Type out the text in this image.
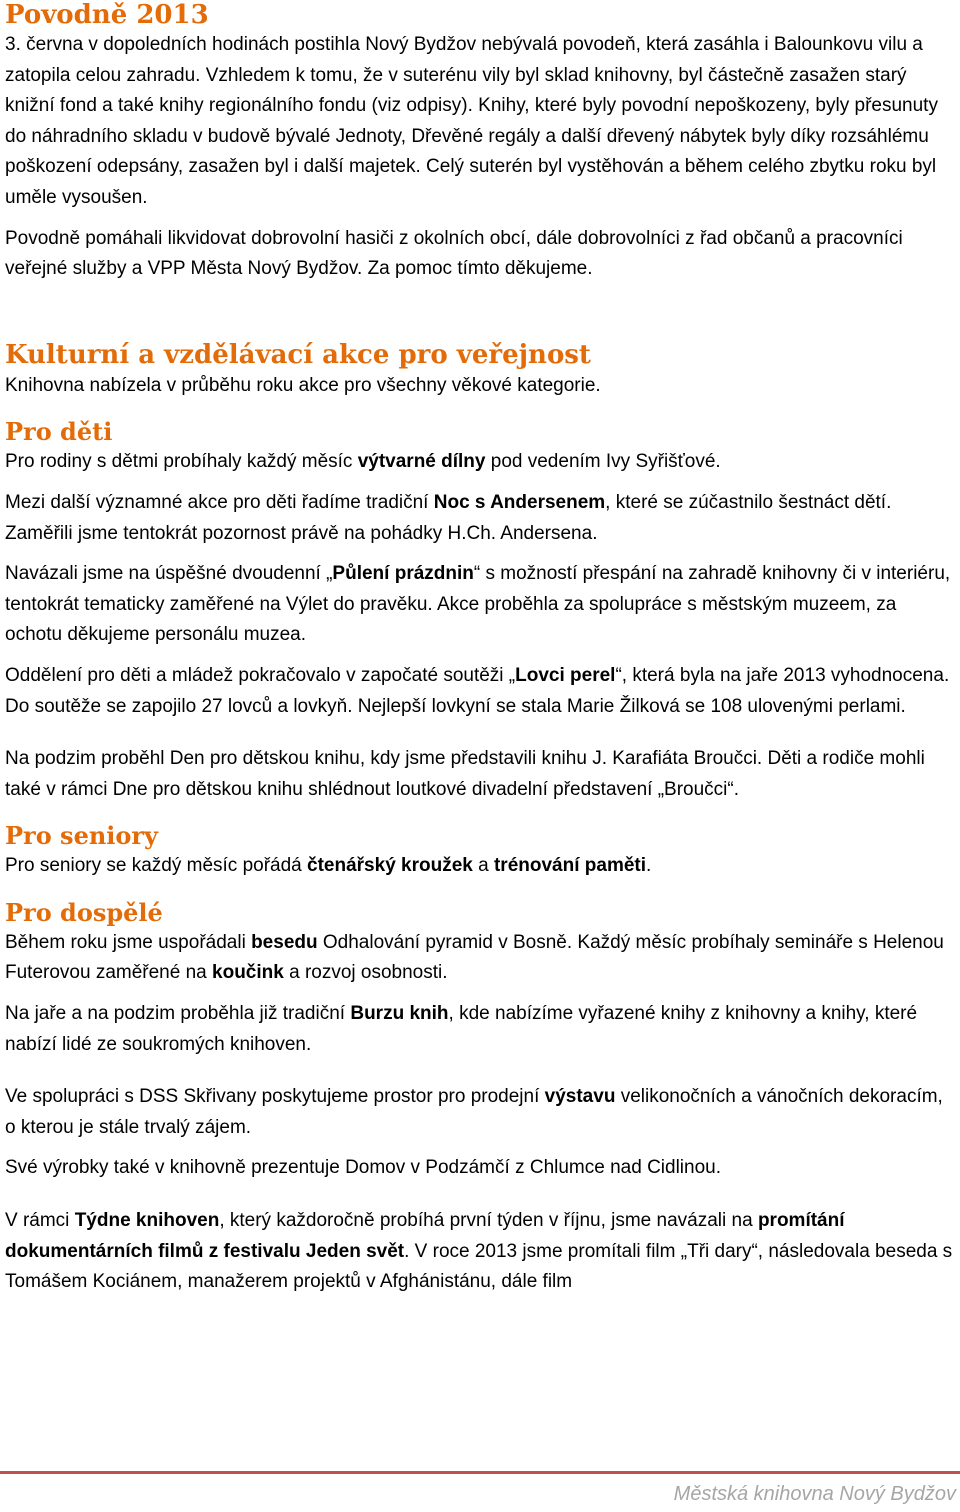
Povodně 2013

3. června v dopoledních hodinách postihla Nový Bydžov nebývalá povodeň, která zasáhla i Balounkovu vilu a zatopila celou zahradu. Vzhledem k tomu, že v suterénu vily byl sklad knihovny, byl částečně zasažen starý knižní fond a také knihy regionálního fondu (viz odpisy). Knihy, které byly povodní nepoškozeny, byly přesunuty do náhradního skladu v budově bývalé Jednoty, Dřevěné regály a další dřevený nábytek byly díky rozsáhlému poškození odepsány, zasažen byl i další majetek. Celý suterén byl vystěhován a během celého zbytku roku byl uměle vysoušen.

Povodně pomáhali likvidovat dobrovolní hasiči z okolních obcí, dále dobrovolníci z řad občanů a pracovníci veřejné služby a VPP Města Nový Bydžov. Za pomoc tímto děkujeme.

Kulturní a vzdělávací akce pro veřejnost

Knihovna nabízela v průběhu roku akce pro všechny věkové kategorie.

Pro děti

Pro rodiny s dětmi probíhaly každý měsíc výtvarné dílny pod vedením Ivy Syřišťové.

Mezi další významné akce pro děti řadíme tradiční Noc s Andersenem, které se zúčastnilo šestnáct dětí. Zaměřili jsme tentokrát pozornost právě na pohádky H.Ch. Andersena.

Navázali jsme na úspěšné dvoudenní „Půlení prázdnin“ s možností přespání na zahradě knihovny či v interiéru, tentokrát tematicky zaměřené na Výlet do pravěku. Akce proběhla za spolupráce s městským muzeem, za ochotu děkujeme personálu muzea.

Oddělení pro děti a mládež pokračovalo v započaté soutěži „Lovci perel“, která byla na jaře 2013 vyhodnocena. Do soutěže se zapojilo 27 lovců a lovkyň. Nejlepší lovkyní se stala Marie Žilková se 108 ulovenými perlami.

Na podzim proběhl Den pro dětskou knihu, kdy jsme představili knihu J. Karafiáta Broučci. Děti a rodiče mohli také v rámci Dne pro dětskou knihu shlédnout loutkové divadelní představení „Broučci“.

Pro seniory

Pro seniory se každý měsíc pořádá čtenářský kroužek a trénování paměti.

Pro dospělé

Během roku jsme uspořádali besedu Odhalování pyramid v Bosně. Každý měsíc probíhaly semináře s Helenou Futerovou zaměřené na koučink a rozvoj osobnosti.

Na jaře a na podzim proběhla již tradiční Burzu knih, kde nabízíme vyřazené knihy z knihovny a knihy, které nabízí lidé ze soukromých knihoven.

Ve spolupráci s DSS Skřivany poskytujeme prostor pro prodejní výstavu velikonočních a vánočních dekoracím, o kterou je stále trvalý zájem.

Své výrobky také v knihovně prezentuje Domov v Podzámčí z Chlumce nad Cidlinou.

V rámci Týdne knihoven, který každoročně probíhá první týden v říjnu, jsme navázali na promítání dokumentárních filmů z festivalu Jeden svět. V roce 2013 jsme promítali film „Tři dary“, následovala beseda s Tomášem Kociánem, manažerem projektů v Afghánistánu, dále film

Městská knihovna Nový Bydžov
